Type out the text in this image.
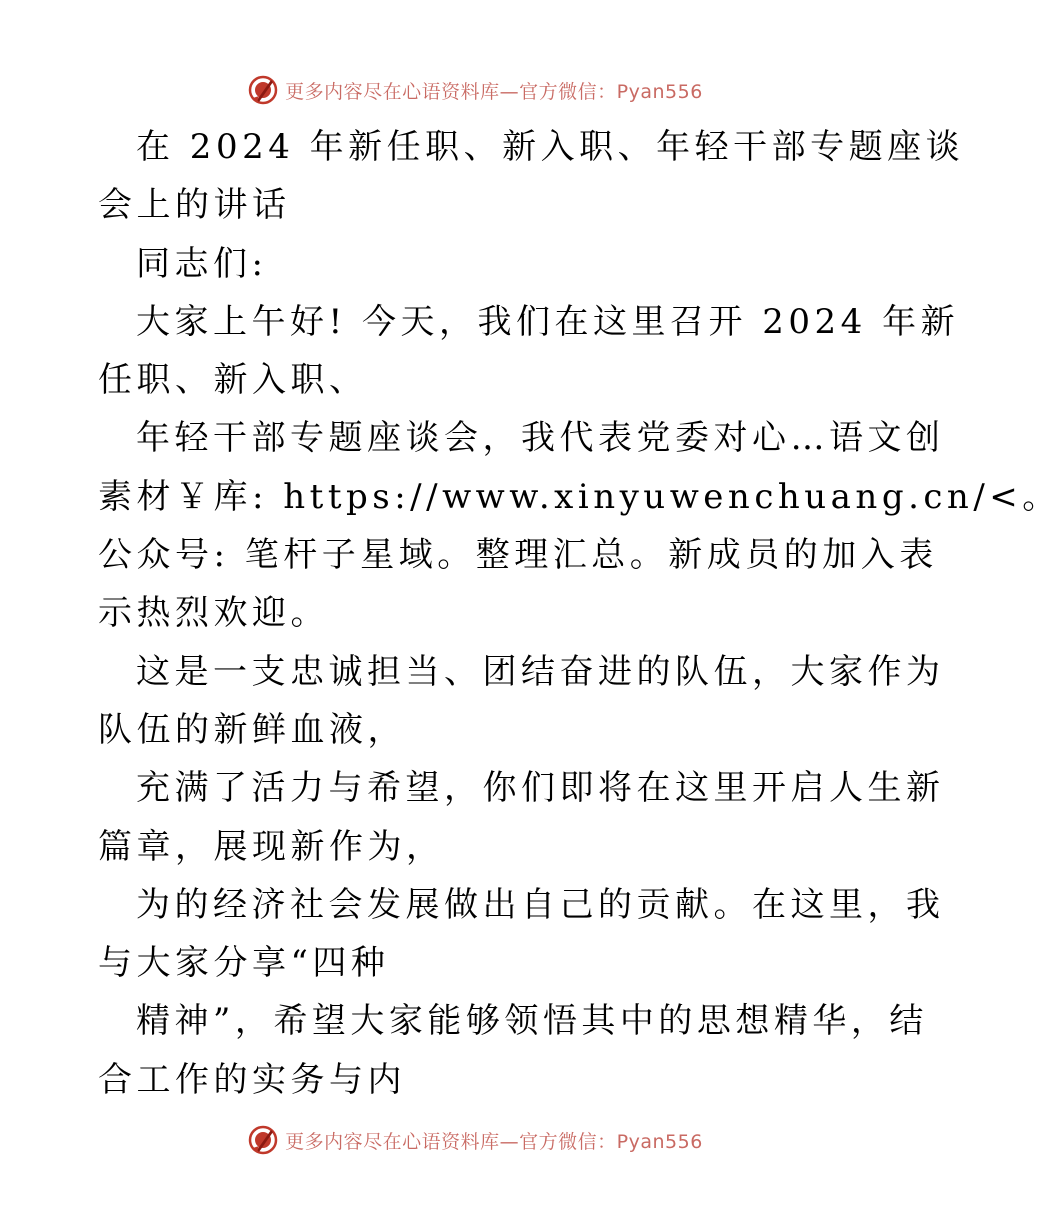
更多内容尽在心语资料库—官方微信：Pyan556
在 2024 年新任职、新入职、年轻干部专题座谈
会上的讲话
同志们:
大家上午好! 今天，我们在这里召开 2024 年新
任职、新入职、
年轻干部专题座谈会，我代表党委对心…语文创
素材￥库: https://www.xinyuwenchuang.cn/<。
公众号: 笔杆子星域。整理汇总。新成员的加入表
示热烈欢迎。
这是一支忠诚担当、团结奋进的队伍，大家作为
队伍的新鲜血液，
充满了活力与希望，你们即将在这里开启人生新
篇章，展现新作为，
为的经济社会发展做出自己的贡献。在这里，我
与大家分享“四种
精神”，希望大家能够领悟其中的思想精华，结
合工作的实务与内
更多内容尽在心语资料库—官方微信：Pyan556
